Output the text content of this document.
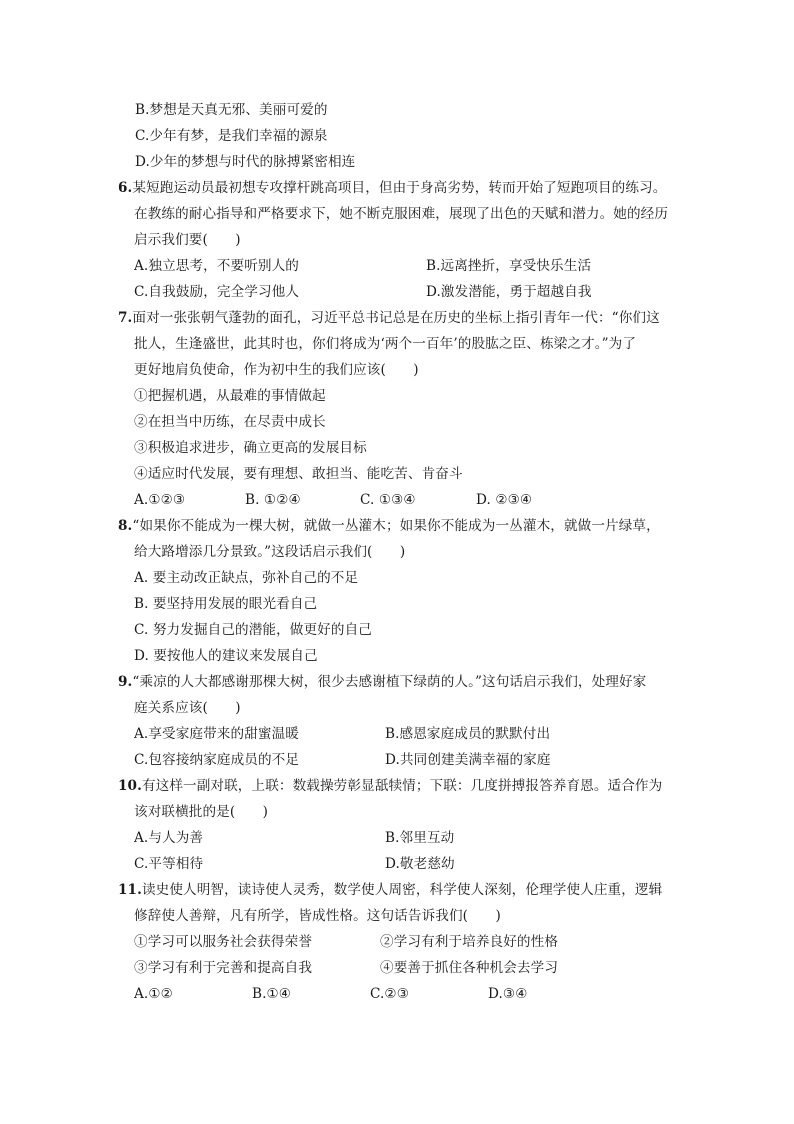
B.梦想是天真无邪、美丽可爱的
C.少年有梦，是我们幸福的源泉
D.少年的梦想与时代的脉搏紧密相连
6.某短跑运动员最初想专攻撑杆跳高项目，但由于身高劣势，转而开始了短跑项目的练习。
在教练的耐心指导和严格要求下，她不断克服困难，展现了出色的天赋和潜力。她的经历
启示我们要(　　)
A.独立思考，不要听别人的	B.远离挫折，享受快乐生活
C.自我鼓励，完全学习他人	D.激发潜能，勇于超越自我
7.面对一张张朝气蓬勃的面孔，习近平总书记总是在历史的坐标上指引青年一代：“你们这
批人，生逢盛世，此其时也，你们将成为‘两个一百年’的股肱之臣、栋梁之才。”为了
更好地肩负使命，作为初中生的我们应该(　　)
①把握机遇，从最难的事情做起
②在担当中历练，在尽责中成长
③积极追求进步，确立更高的发展目标
④适应时代发展，要有理想、敢担当、能吃苦、肯奋斗
A.①②③	B. ①②④	C. ①③④	D. ②③④
8.“如果你不能成为一棵大树，就做一丛灌木；如果你不能成为一丛灌木，就做一片绿草，
给大路增添几分景致。”这段话启示我们(　　)
A. 要主动改正缺点，弥补自己的不足
B. 要坚持用发展的眼光看自己
C. 努力发掘自己的潜能，做更好的自己
D. 要按他人的建议来发展自己
9.“乘凉的人大都感谢那棵大树，很少去感谢植下绿荫的人。”这句话启示我们，处理好家
庭关系应该(　　)
A.享受家庭带来的甜蜜温暖	B.感恩家庭成员的默默付出
C.包容接纳家庭成员的不足	D.共同创建美满幸福的家庭
10.有这样一副对联，上联：数载操劳彰显舐犊情；下联：几度拼搏报答养育恩。适合作为
该对联横批的是(　　)
A.与人为善	B.邻里互动
C.平等相待	D.敬老慈幼
11.读史使人明智，读诗使人灵秀，数学使人周密，科学使人深刻，伦理学使人庄重，逻辑
修辞使人善辩，凡有所学，皆成性格。这句话告诉我们(　　)
①学习可以服务社会获得荣誉	②学习有利于培养良好的性格
③学习有利于完善和提高自我	④要善于抓住各种机会去学习
A.①②	B.①④	C.②③	D.③④
